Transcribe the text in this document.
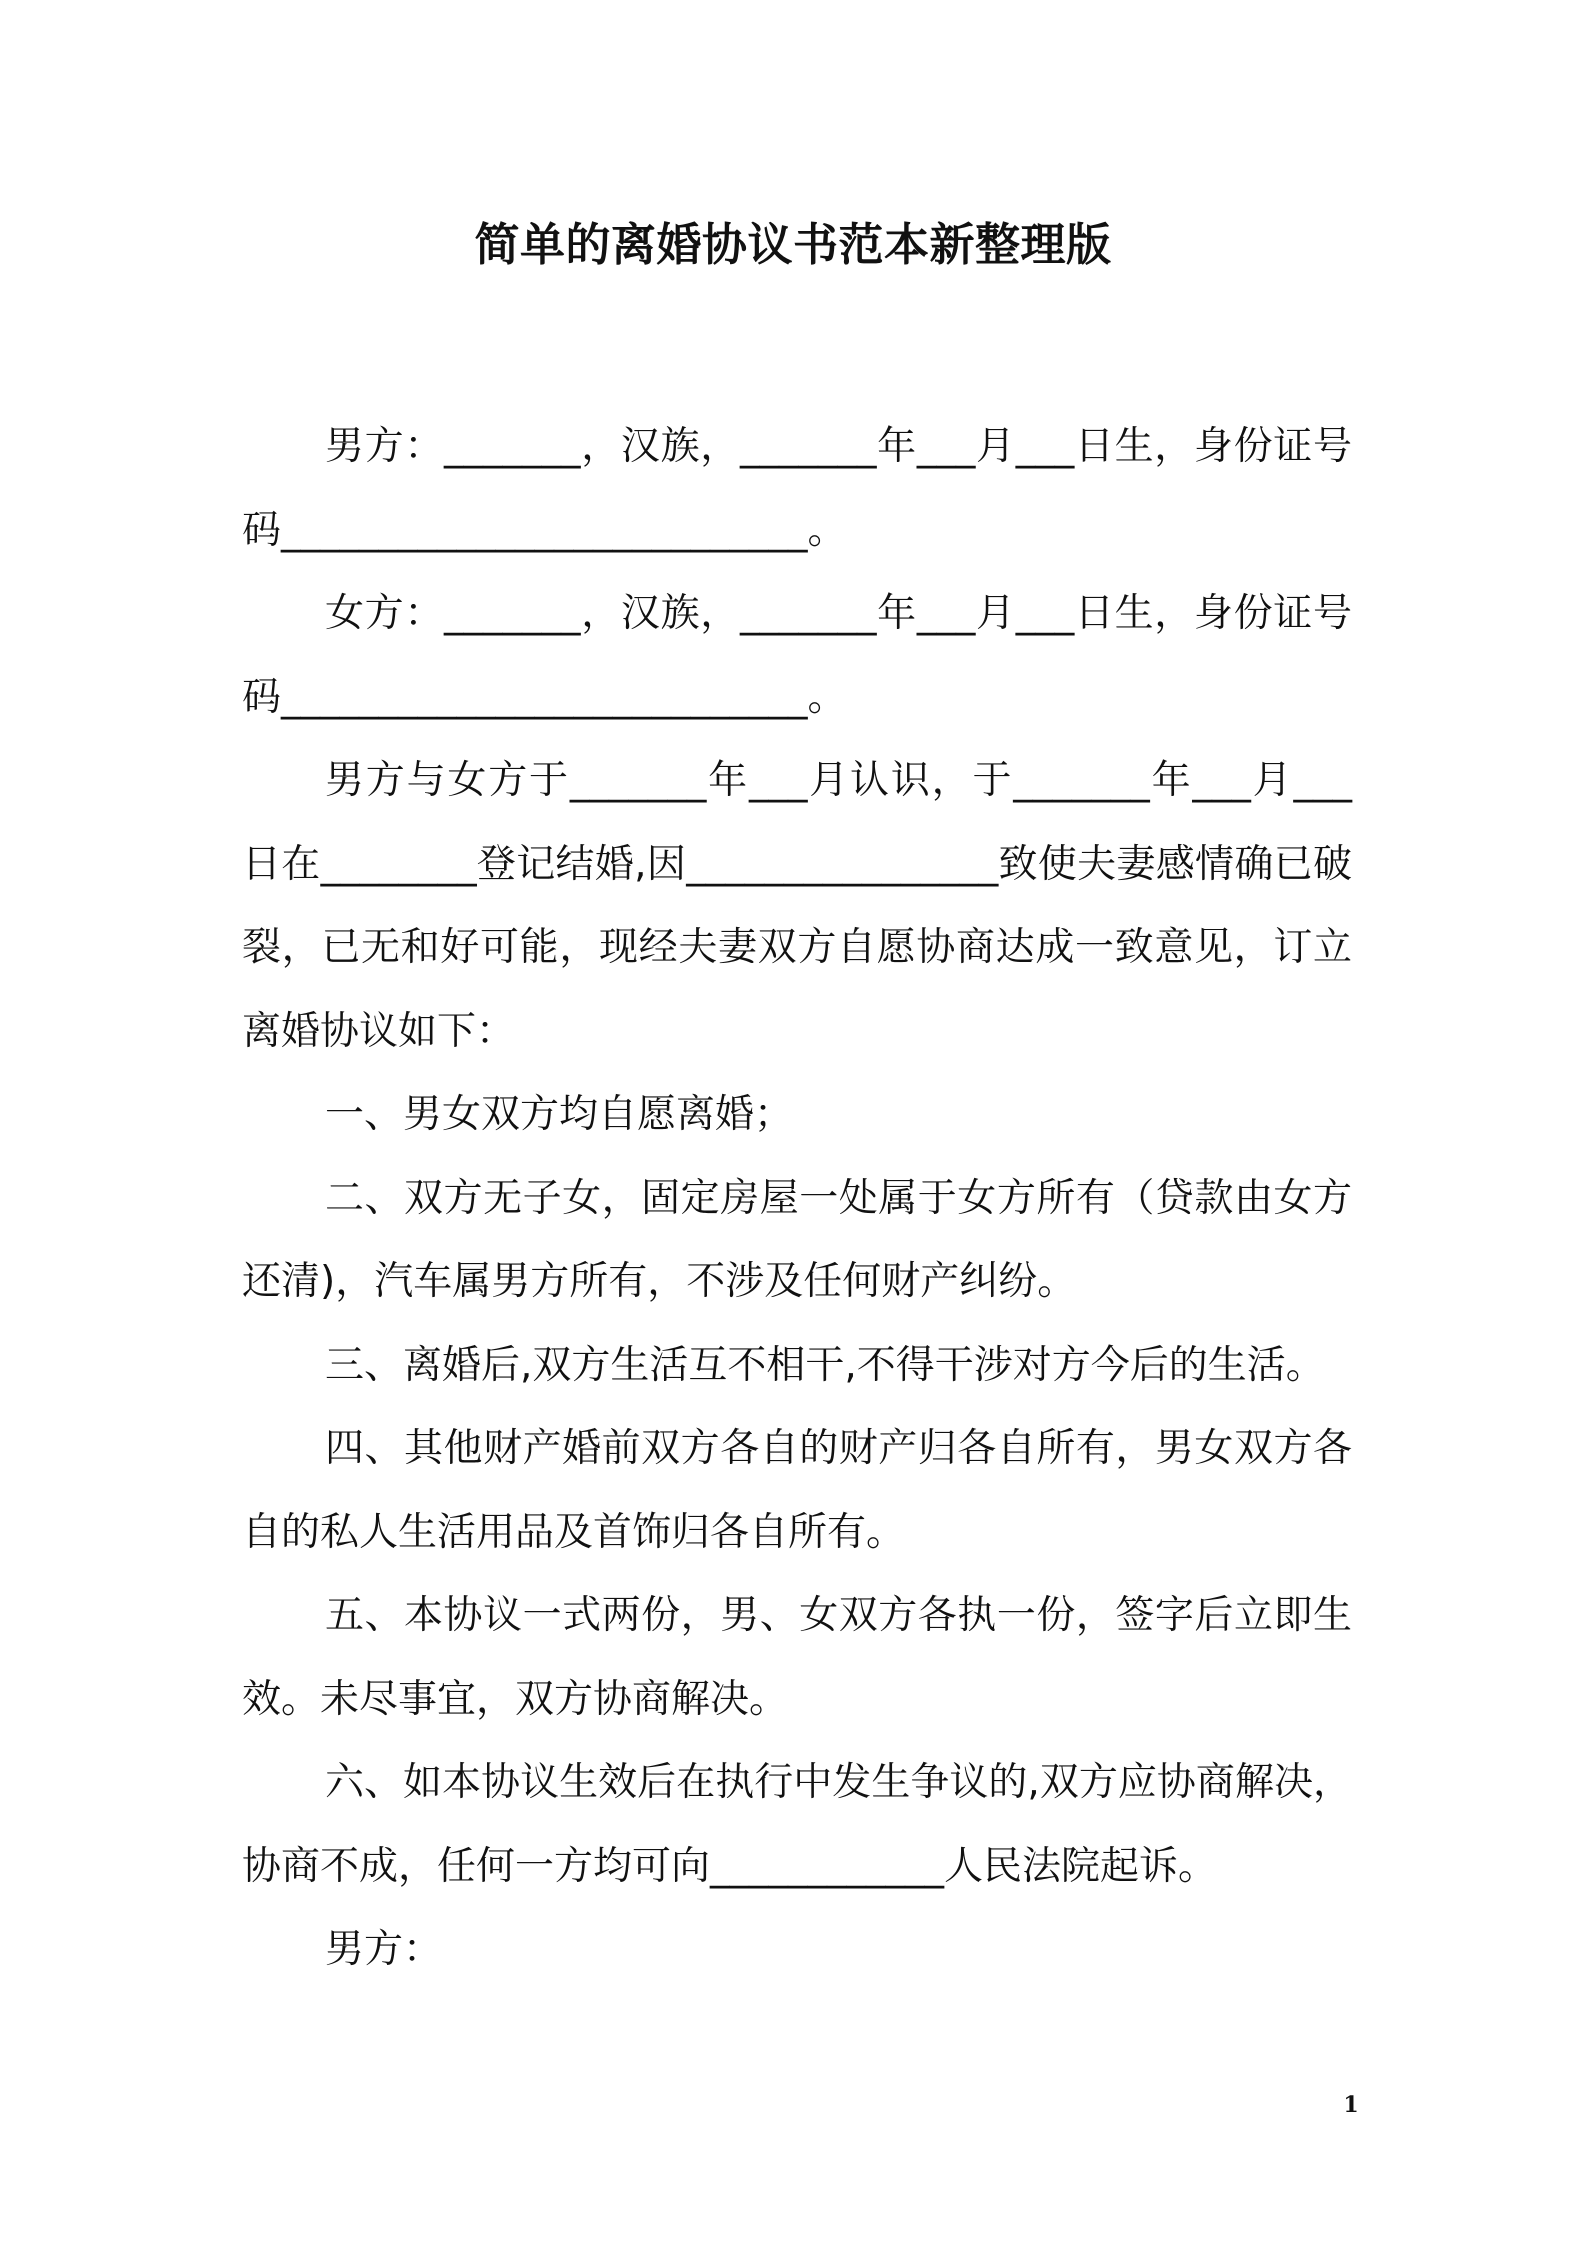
简单的离婚协议书范本新整理版

男方：_______，汉族，_______年___月___日生，身份证号码___________________________。

女方：_______，汉族，_______年___月___日生，身份证号码___________________________。

男方与女方于_______年___月认识，于_______年___月___日在________登记结婚,因________________致使夫妻感情确已破裂，已无和好可能，现经夫妻双方自愿协商达成一致意见，订立离婚协议如下：

一、男女双方均自愿离婚；

二、双方无子女，固定房屋一处属于女方所有（贷款由女方还清)，汽车属男方所有，不涉及任何财产纠纷。

三、离婚后,双方生活互不相干,不得干涉对方今后的生活。

四、其他财产婚前双方各自的财产归各自所有，男女双方各自的私人生活用品及首饰归各自所有。

五、本协议一式两份，男、女双方各执一份，签字后立即生效。未尽事宜，双方协商解决。

六、如本协议生效后在执行中发生争议的,双方应协商解决，协商不成，任何一方均可向____________人民法院起诉。

男方：

1
